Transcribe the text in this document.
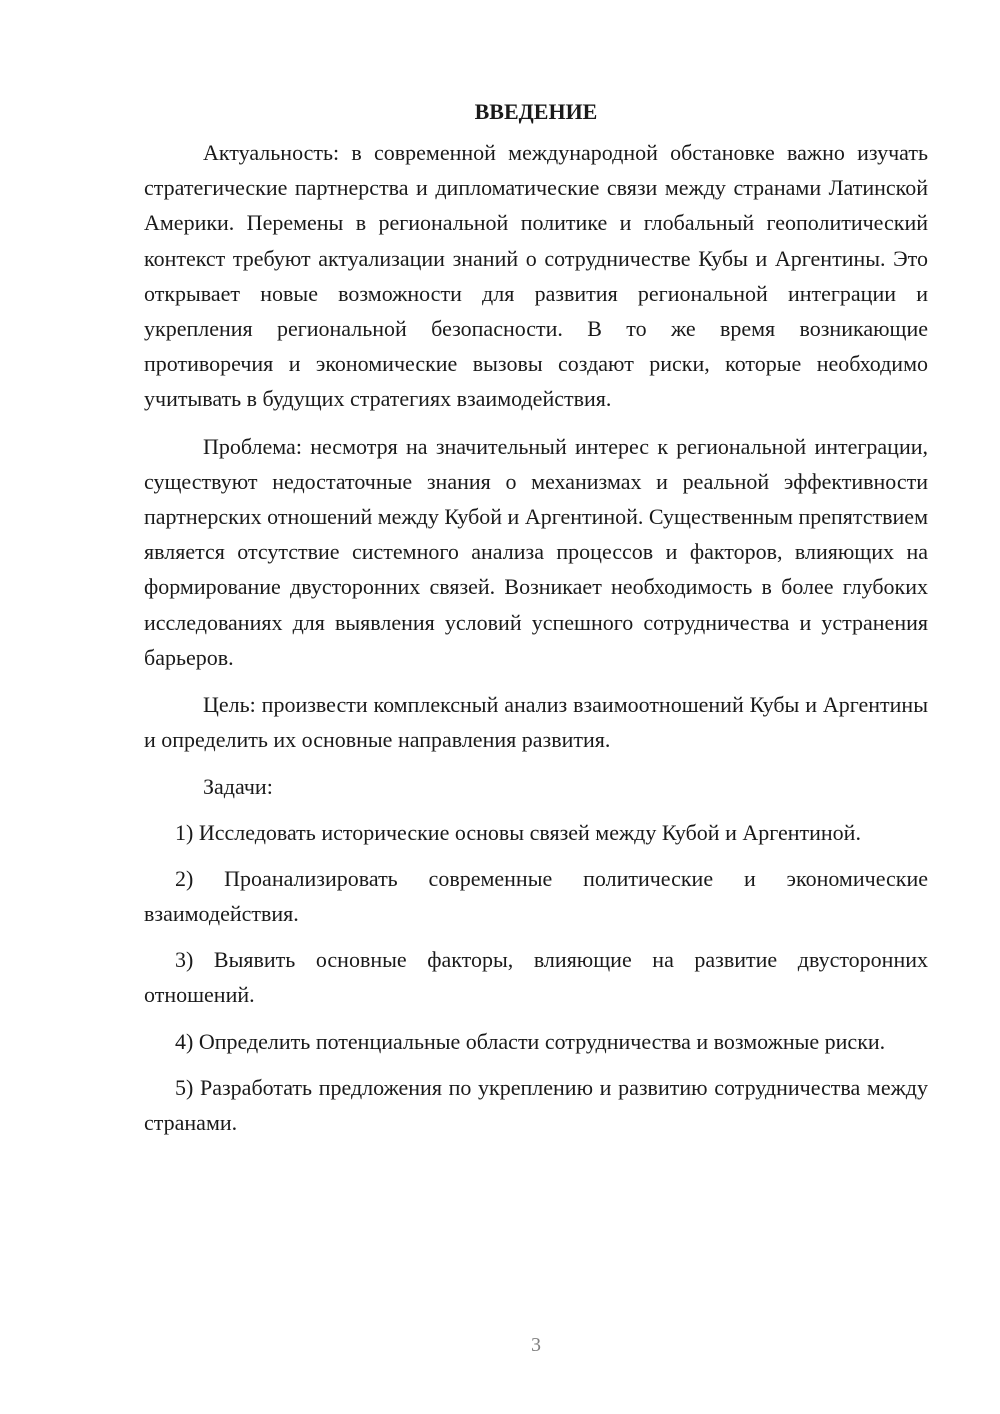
ВВЕДЕНИЕ

Актуальность: в современной международной обстановке важно изучать стратегические партнерства и дипломатические связи между странами Латинской Америки. Перемены в региональной политике и глобальный геополитический контекст требуют актуализации знаний о сотрудничестве Кубы и Аргентины. Это открывает новые возможности для развития региональной интеграции и укрепления региональной безопасности. В то же время возникающие противоречия и экономические вызовы создают риски, которые необходимо учитывать в будущих стратегиях взаимодействия.

Проблема: несмотря на значительный интерес к региональной интеграции, существуют недостаточные знания о механизмах и реальной эффективности партнерских отношений между Кубой и Аргентиной. Существенным препятствием является отсутствие системного анализа процессов и факторов, влияющих на формирование двусторонних связей. Возникает необходимость в более глубоких исследованиях для выявления условий успешного сотрудничества и устранения барьеров.

Цель: произвести комплексный анализ взаимоотношений Кубы и Аргентины и определить их основные направления развития.

Задачи:

1) Исследовать исторические основы связей между Кубой и Аргентиной.

2) Проанализировать современные политические и экономические взаимодействия.

3) Выявить основные факторы, влияющие на развитие двусторонних отношений.

4) Определить потенциальные области сотрудничества и возможные риски.

5) Разработать предложения по укреплению и развитию сотрудничества между странами.

3
